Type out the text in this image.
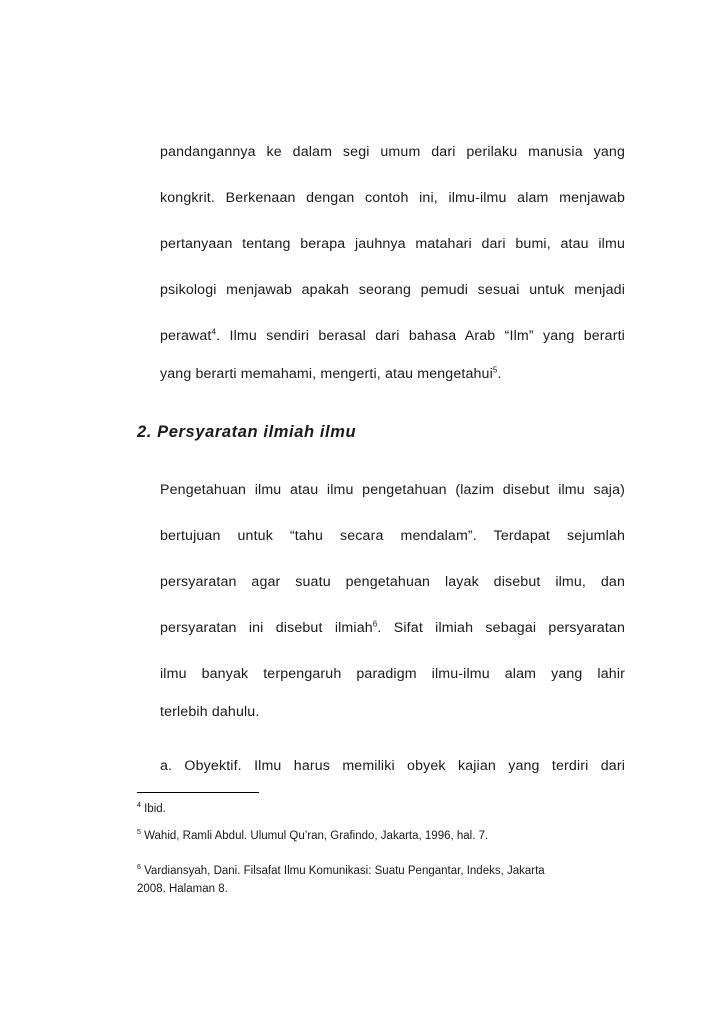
pandangannya ke dalam segi umum dari perilaku manusia yang
kongkrit. Berkenaan dengan contoh ini, ilmu-ilmu alam menjawab
pertanyaan tentang berapa jauhnya matahari dari bumi, atau ilmu
psikologi menjawab apakah seorang pemudi sesuai untuk menjadi
perawat$^4$. Ilmu sendiri berasal dari bahasa Arab “Ilm” yang berarti
yang berarti memahami, mengerti, atau mengetahui$^5$.
2. Persyaratan ilmiah ilmu
Pengetahuan ilmu atau ilmu pengetahuan (lazim disebut ilmu saja)
bertujuan untuk “tahu secara mendalam”. Terdapat sejumlah
persyaratan agar suatu pengetahuan layak disebut ilmu, dan
persyaratan ini disebut ilmiah$^6$. Sifat ilmiah sebagai persyaratan
ilmu banyak terpengaruh paradigm ilmu-ilmu alam yang lahir
terlebih dahulu.
a. Obyektif. Ilmu harus memiliki obyek kajian yang terdiri dari
$^4$ Ibid.
$^5$ Wahid, Ramli Abdul. Ulumul Qu’ran, Grafindo, Jakarta, 1996, hal. 7.
$^6$ Vardiansyah, Dani. Filsafat Ilmu Komunikasi: Suatu Pengantar, Indeks, Jakarta
2008. Halaman 8.
